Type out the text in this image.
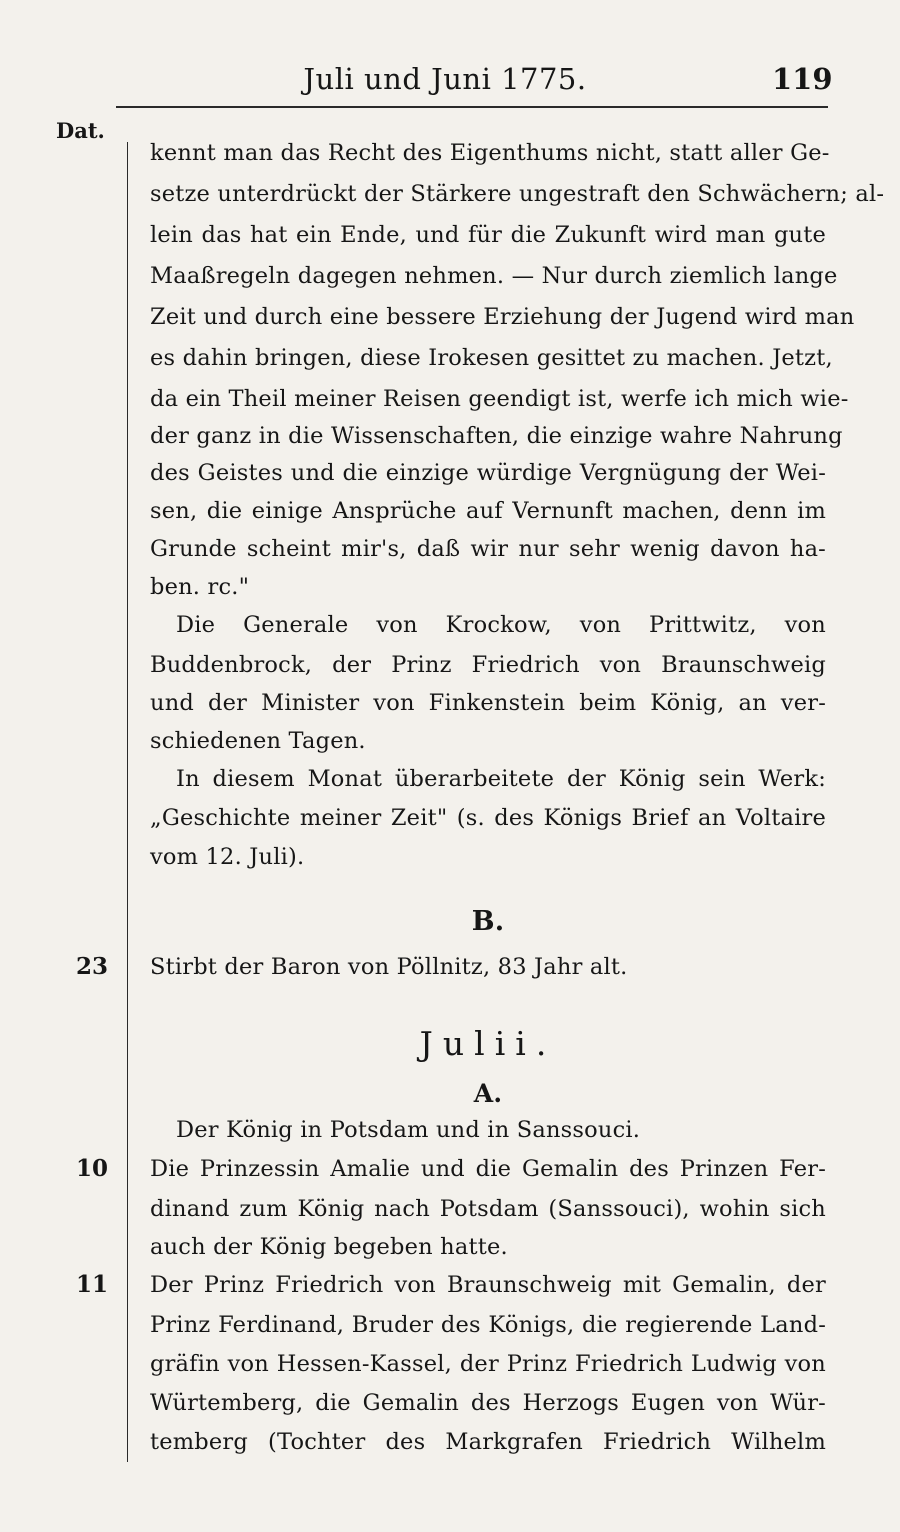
Juli und Juni 1775.	119
Dat.
kennt man das Recht des Eigenthums nicht, statt aller Ge-
setze unterdrückt der Stärkere ungestraft den Schwächern; al-
lein das hat ein Ende, und für die Zukunft wird man gute
Maaßregeln dagegen nehmen. — Nur durch ziemlich lange
Zeit und durch eine bessere Erziehung der Jugend wird man
es dahin bringen, diese Irokesen gesittet zu machen. Jetzt,
da ein Theil meiner Reisen geendigt ist, werfe ich mich wie-
der ganz in die Wissenschaften, die einzige wahre Nahrung
des Geistes und die einzige würdige Vergnügung der Wei-
sen, die einige Ansprüche auf Vernunft machen, denn im
Grunde scheint mir's, daß wir nur sehr wenig davon ha-
ben. rc."
Die Generale von Krockow, von Prittwitz, von
Buddenbrock, der Prinz Friedrich von Braunschweig
und der Minister von Finkenstein beim König, an ver-
schiedenen Tagen.
In diesem Monat überarbeitete der König sein Werk:
„Geschichte meiner Zeit" (s. des Königs Brief an Voltaire
vom 12. Juli).
B.
23 Stirbt der Baron von Pöllnitz, 83 Jahr alt.
Julii.
A.
Der König in Potsdam und in Sanssouci.
10 Die Prinzessin Amalie und die Gemalin des Prinzen Fer-
dinand zum König nach Potsdam (Sanssouci), wohin sich
auch der König begeben hatte.
11 Der Prinz Friedrich von Braunschweig mit Gemalin, der
Prinz Ferdinand, Bruder des Königs, die regierende Land-
gräfin von Hessen-Kassel, der Prinz Friedrich Ludwig von
Würtemberg, die Gemalin des Herzogs Eugen von Wür-
temberg (Tochter des Markgrafen Friedrich Wilhelm
